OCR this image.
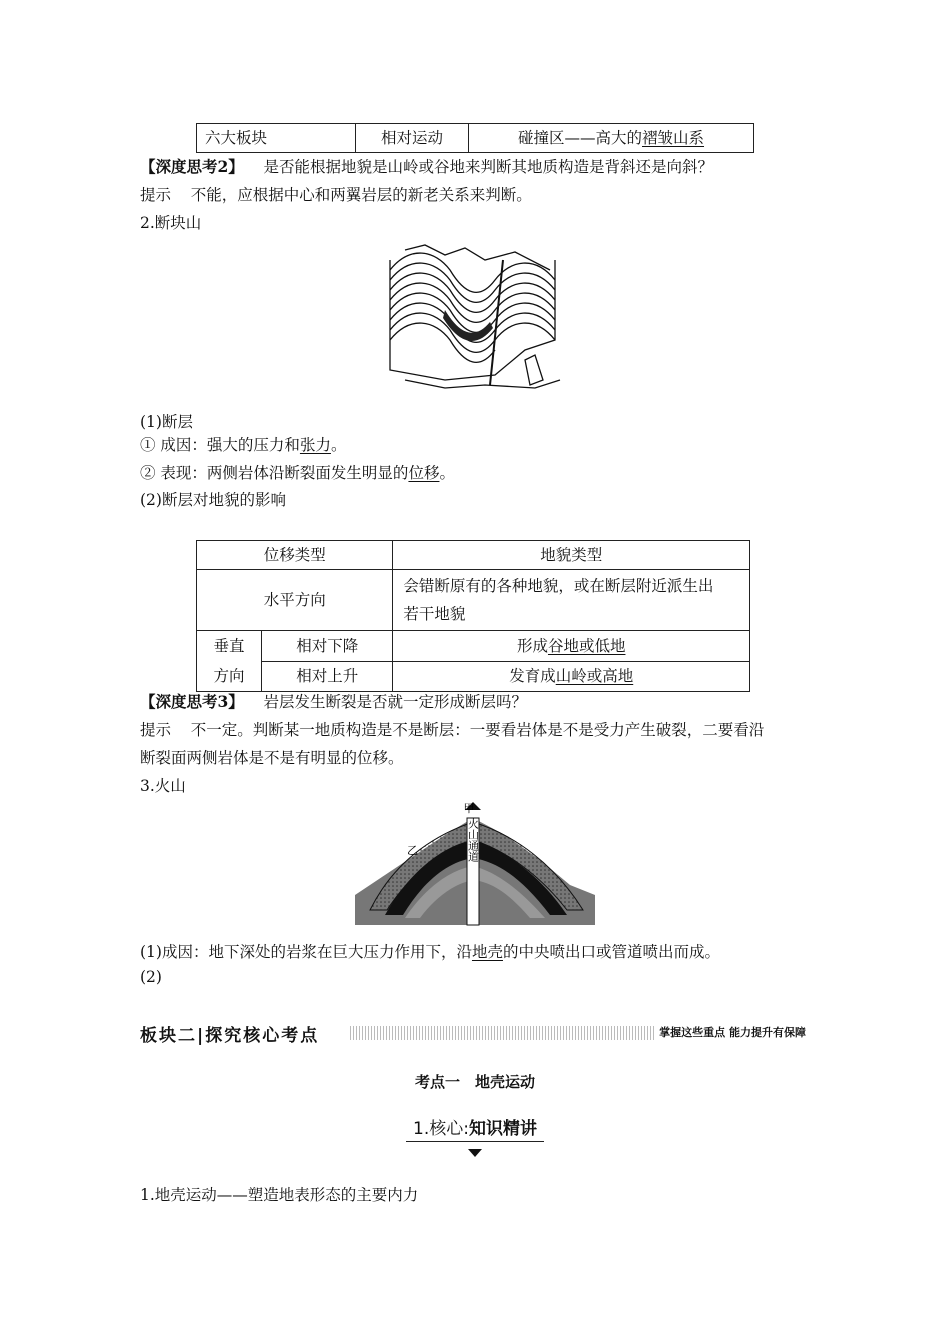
六大板块	相对运动	碰撞区——高大的褶皱山系
【深度思考2】 是否能根据地貌是山岭或谷地来判断其地质构造是背斜还是向斜？
提示 不能，应根据中心和两翼岩层的新老关系来判断。
2.断块山
(1)断层
① 成因：强大的压力和张力。
② 表现：两侧岩体沿断裂面发生明显的位移。
(2)断层对地貌的影响
位移类型		地貌类型
水平方向		会错断原有的各种地貌，或在断层附近派生出
若干地貌

垂直
方向	相对下降	形成谷地或低地
	相对上升	发育成山岭或高地
【深度思考3】 岩层发生断裂是否就一定形成断层吗？
提示 不一定。判断某一地质构造是不是断层：一要看岩体是不是受力产生破裂，二要看沿
断裂面两侧岩体是不是有明显的位移。
3.火山
甲
乙	火山通道
(1)成因：地下深处的岩浆在巨大压力作用下，沿地壳的中央喷出口或管道喷出而成。
(2)
板块二|探究核心考点	掌握这些重点 能力提升有保障
考点一　地壳运动
1.核心:知识精讲
1.地壳运动——塑造地表形态的主要内力
